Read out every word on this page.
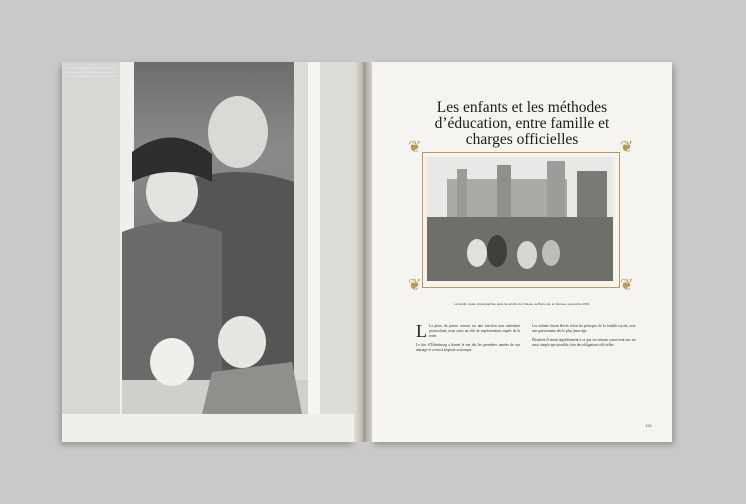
La reine Élisabeth II et le prince Philip avec le prince Charles et la princesse Anne, photographiés à Balmoral, 1952
Les enfants et les méthodes d’éducation, entre famille et charges officielles
❦	❦
❦	❦
La famille royale photographiée dans les jardins du château de Balmoral, en Écosse, septembre 1952.
L La place du prince consort est une fonction non seulement protocolaire, mais aussi un rôle de représentation auprès de la reine.

Le duc d’Édimbourg a donné le ton dès les premières années de son mariage et a tenu à imposer sa marque.

Les enfants furent élevés selon les principes de la famille royale, avec une gouvernante dès le plus jeune âge.

Élisabeth II tenait régulièrement à ce que ses enfants conservent une vie aussi simple que possible, loin des obligations officielles.

151
